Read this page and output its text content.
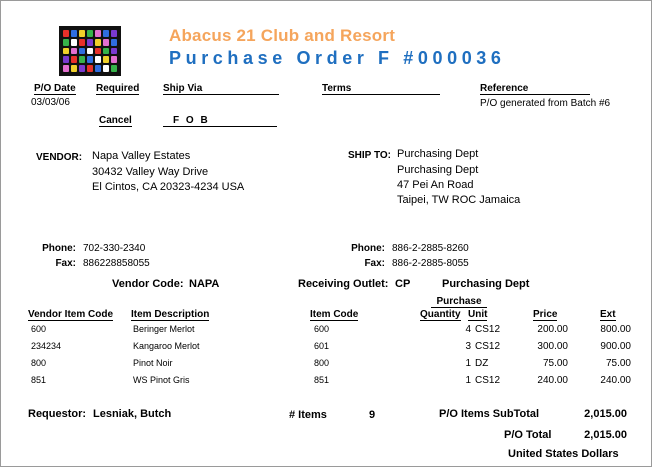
Abacus 21 Club and Resort
Purchase Order F #000036
P/O Date
03/03/06
Required Ship Via	Terms	Reference
P/O generated from Batch #6
Cancel	F O B
VENDOR: Napa Valley Estates
30432 Valley Way Drive
El Cintos, CA 20323-4234 USA
SHIP TO: Purchasing Dept
Purchasing Dept
47 Pei An Road
Taipei, TW ROC Jamaica
Phone: 702-330-2340
Fax: 886228858055
Phone: 886-2-2885-8260
Fax: 886-2-2885-8055
Vendor Code: NAPA	Receiving Outlet: CP	Purchasing Dept
Purchase
Vendor Item Code Item Description	Item Code	Quantity Unit	Price	Ext
600	Beringer Merlot	600	4 CS12	200.00	800.00
234234	Kangaroo Merlot	601	3 CS12	300.00	900.00
800	Pinot Noir	800	1 DZ	75.00	75.00
851	WS Pinot Gris	851	1 CS12	240.00	240.00
Requestor: Lesniak, Butch	# Items	9	P/O Items SubTotal	2,015.00
P/O Total	2,015.00
United States Dollars
